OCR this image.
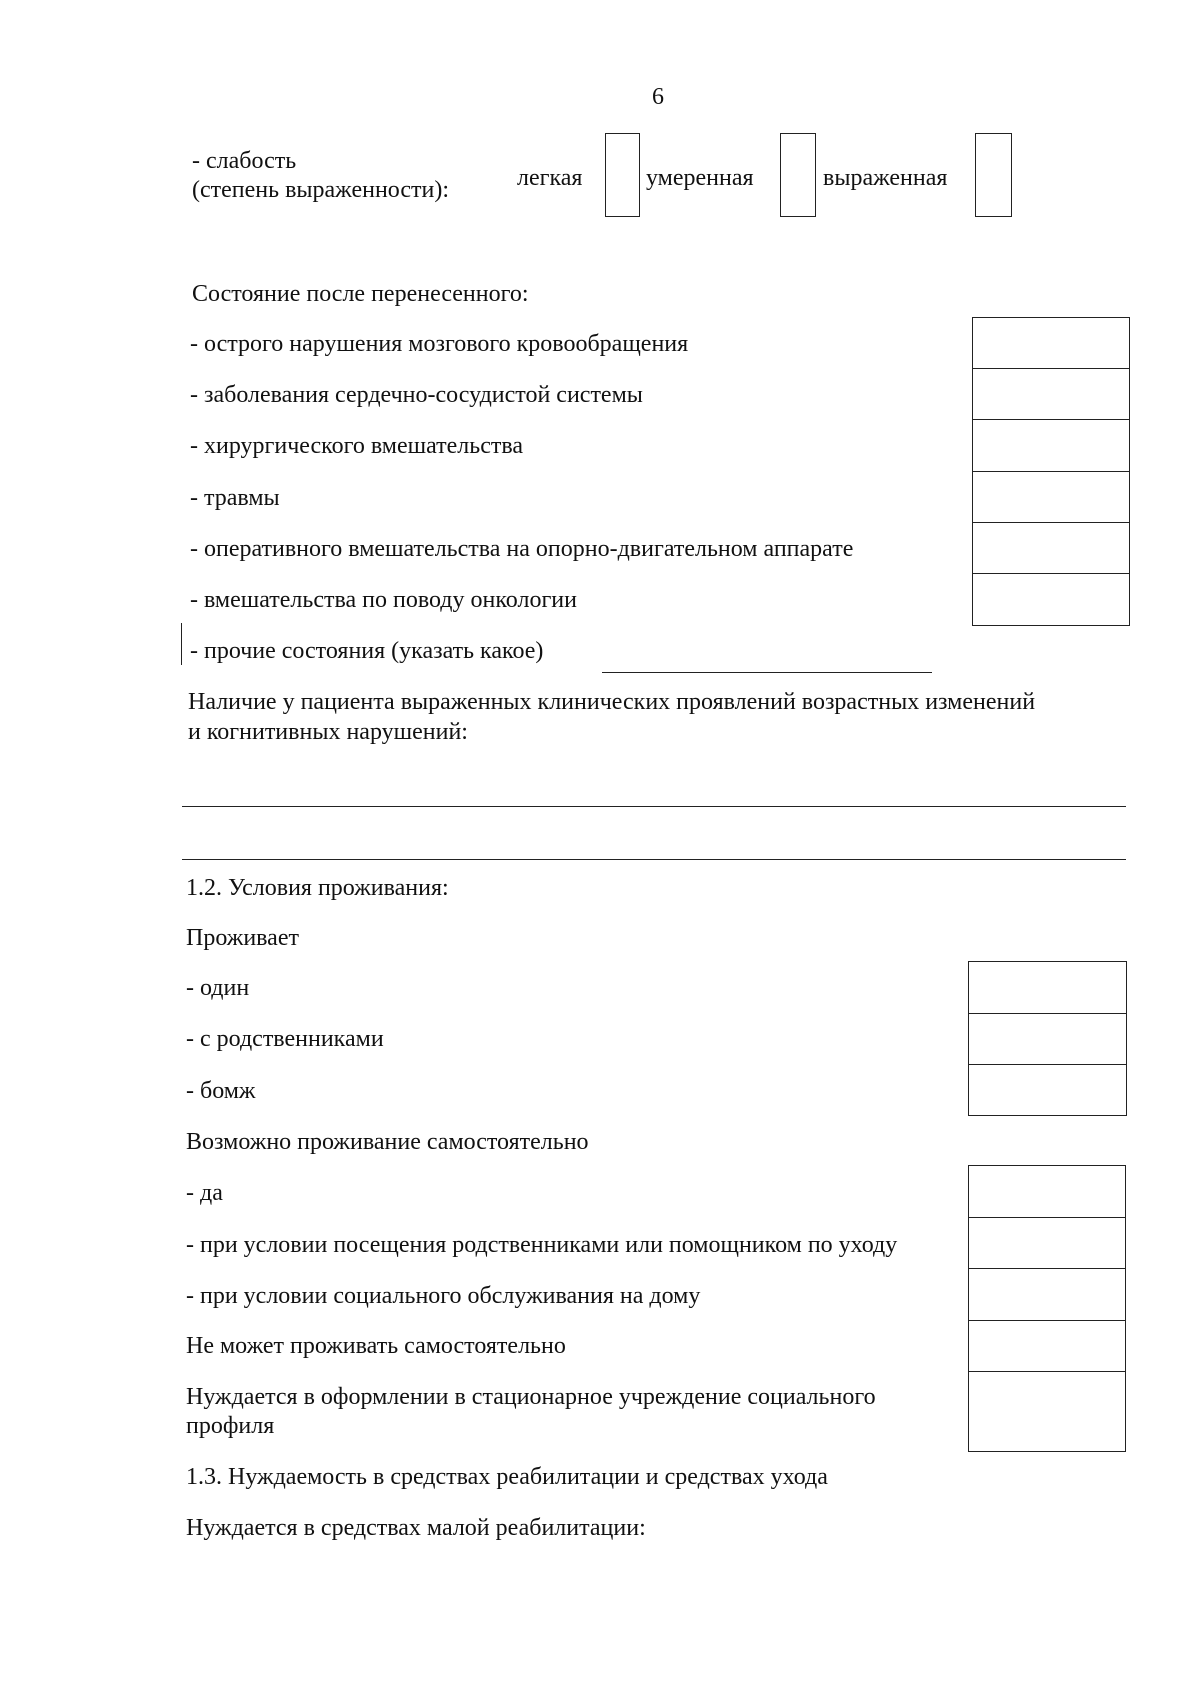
6
- слабость
(степень выраженности):	легкая	умеренная	выраженная
Состояние после перенесенного:
- острого нарушения мозгового кровообращения
- заболевания сердечно-сосудистой системы
- хирургического вмешательства
- травмы
- оперативного вмешательства на опорно-двигательном аппарате
- вмешательства по поводу онкологии
- прочие состояния (указать какое)
Наличие у пациента выраженных клинических проявлений возрастных изменений
и когнитивных нарушений:
1.2. Условия проживания:
Проживает
- один
- с родственниками
- бомж
Возможно проживание самостоятельно
- да
- при условии посещения родственниками или помощником по уходу
- при условии социального обслуживания на дому
Не может проживать самостоятельно
Нуждается в оформлении в стационарное учреждение социального
профиля
1.3. Нуждаемость в средствах реабилитации и средствах ухода
Нуждается в средствах малой реабилитации:
